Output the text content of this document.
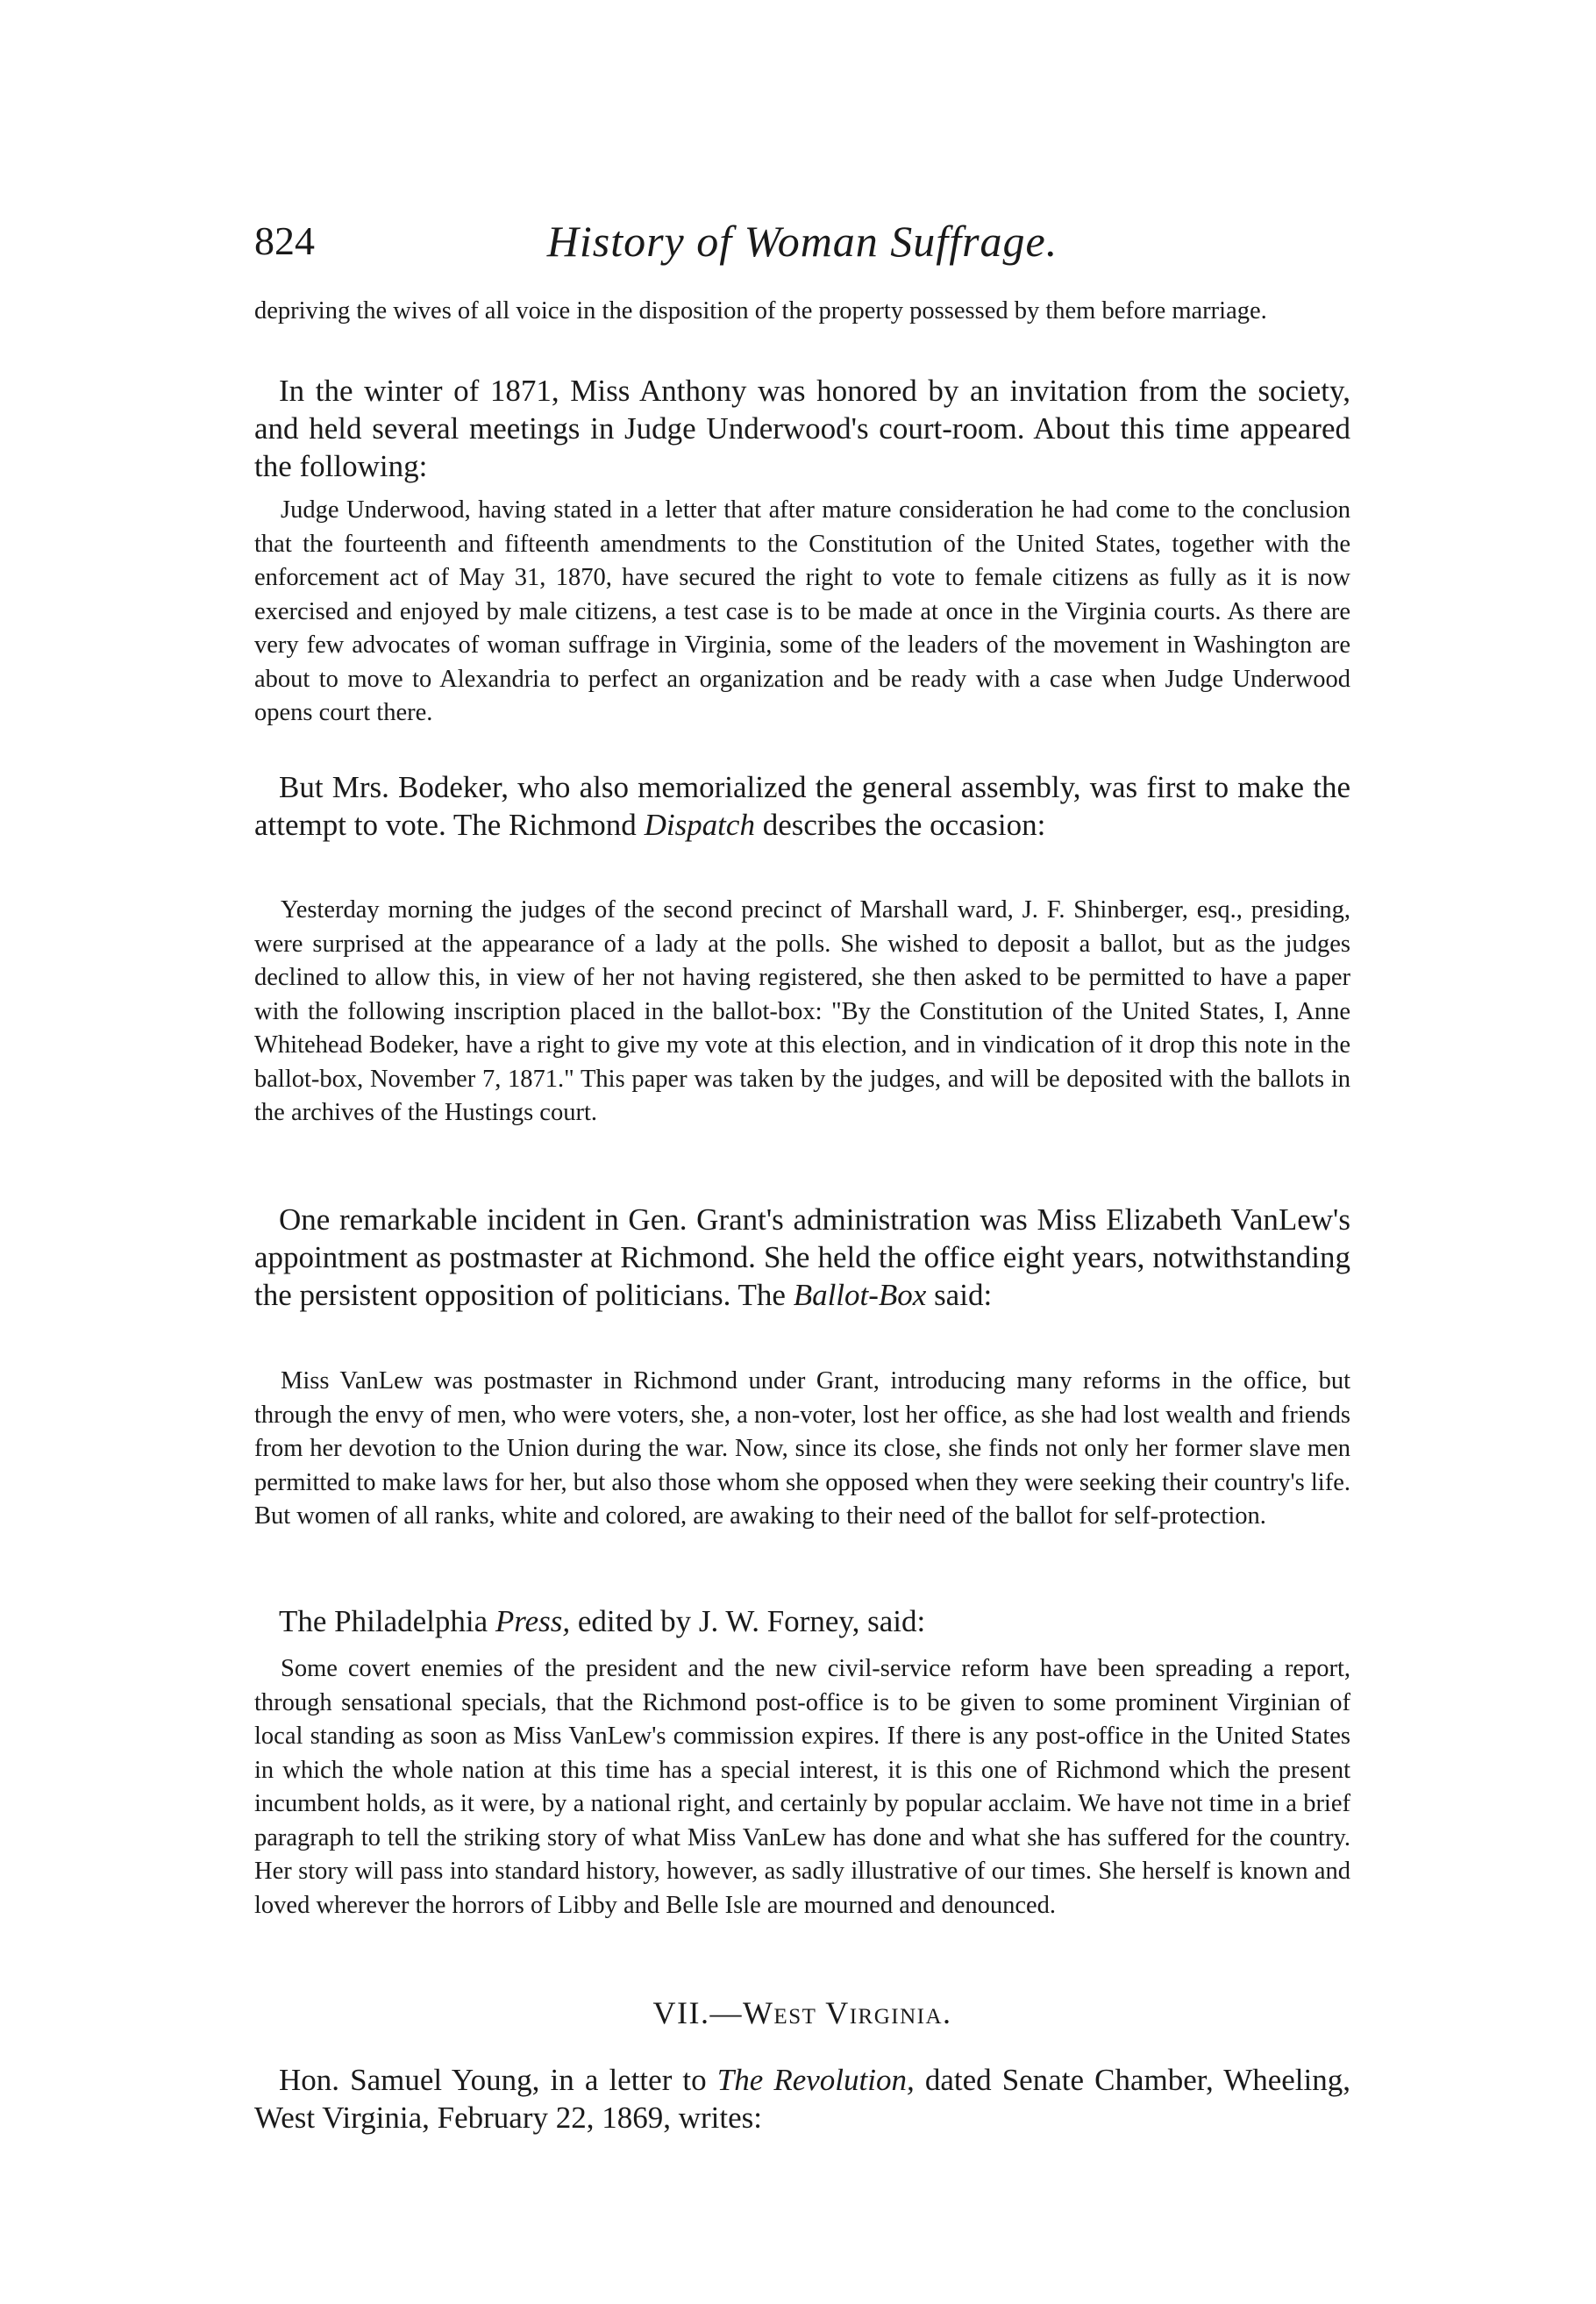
824	History of Woman Suffrage.

depriving the wives of all voice in the disposition of the property possessed by them before marriage.

In the winter of 1871, Miss Anthony was honored by an invitation from the society, and held several meetings in Judge Underwood's court-room. About this time appeared the following:

Judge Underwood, having stated in a letter that after mature consideration he had come to the conclusion that the fourteenth and fifteenth amendments to the Constitution of the United States, together with the enforcement act of May 31, 1870, have secured the right to vote to female citizens as fully as it is now exercised and enjoyed by male citizens, a test case is to be made at once in the Virginia courts. As there are very few advocates of woman suffrage in Virginia, some of the leaders of the movement in Washington are about to move to Alexandria to perfect an organization and be ready with a case when Judge Underwood opens court there.

But Mrs. Bodeker, who also memorialized the general assembly, was first to make the attempt to vote. The Richmond Dispatch describes the occasion:

Yesterday morning the judges of the second precinct of Marshall ward, J. F. Shinberger, esq., presiding, were surprised at the appearance of a lady at the polls. She wished to deposit a ballot, but as the judges declined to allow this, in view of her not having registered, she then asked to be permitted to have a paper with the following inscription placed in the ballot-box: "By the Constitution of the United States, I, Anne Whitehead Bodeker, have a right to give my vote at this election, and in vindication of it drop this note in the ballot-box, November 7, 1871." This paper was taken by the judges, and will be deposited with the ballots in the archives of the Hustings court.

One remarkable incident in Gen. Grant's administration was Miss Elizabeth VanLew's appointment as postmaster at Richmond. She held the office eight years, notwithstanding the persistent opposition of politicians. The Ballot-Box said:

Miss VanLew was postmaster in Richmond under Grant, introducing many reforms in the office, but through the envy of men, who were voters, she, a non-voter, lost her office, as she had lost wealth and friends from her devotion to the Union during the war. Now, since its close, she finds not only her former slave men permitted to make laws for her, but also those whom she opposed when they were seeking their country's life. But women of all ranks, white and colored, are awaking to their need of the ballot for self-protection.

The Philadelphia Press, edited by J. W. Forney, said:

Some covert enemies of the president and the new civil-service reform have been spreading a report, through sensational specials, that the Richmond post-office is to be given to some prominent Virginian of local standing as soon as Miss VanLew's commission expires. If there is any post-office in the United States in which the whole nation at this time has a special interest, it is this one of Richmond which the present incumbent holds, as it were, by a national right, and certainly by popular acclaim. We have not time in a brief paragraph to tell the striking story of what Miss VanLew has done and what she has suffered for the country. Her story will pass into standard history, however, as sadly illustrative of our times. She herself is known and loved wherever the horrors of Libby and Belle Isle are mourned and denounced.

VII.—West Virginia.

Hon. Samuel Young, in a letter to The Revolution, dated Senate Chamber, Wheeling, West Virginia, February 22, 1869, writes:
